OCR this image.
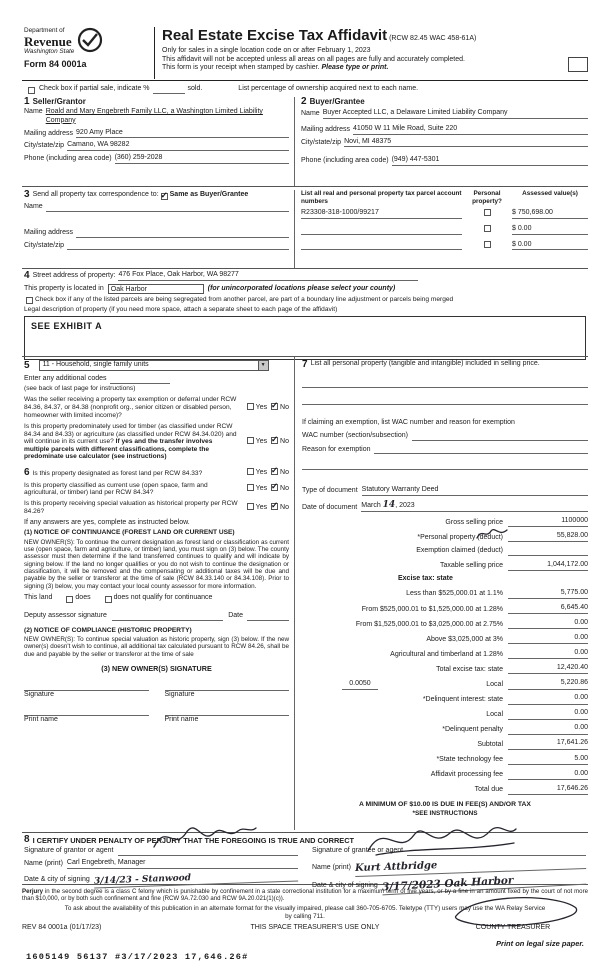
Department of
Revenue
Washington State
Form 84 0001a
Real Estate Excise Tax Affidavit (RCW 82.45 WAC 458-61A)
Only for sales in a single location code on or after February 1, 2023
This affidavit will not be accepted unless all areas on all pages are fully and accurately completed.
This form is your receipt when stamped by cashier. Please type or print.
Check box if partial sale, indicate %	sold.	List percentage of ownership acquired next to each name.
1 Seller/Grantor
Name Roald and Mary Engebreth Family LLC, a Washington Limited Liability Company
Mailing address 920 Amy Place
City/state/zip Camano, WA 98282
Phone (including area code) (360) 259-2028
2 Buyer/Grantee
Name Buyer Accepted LLC, a Delaware Limited Liability Company
Mailing address 41050 W 11 Mile Road, Suite 220
City/state/zip Novi, MI 48375
Phone (including area code) (949) 447-5301
3 Send all property tax correspondence to: ✓ Same as Buyer/Grantee
Name
Mailing address
City/state/zip
List all real and personal property tax parcel account numbers
Personal property?
Assessed value(s)
R23308-318-1000/99217	$ 750,698.00
$ 0.00
$ 0.00
4 Street address of property: 476 Fox Place, Oak Harbor, WA 98277
This property is located in	Oak Harbor	(for unincorporated locations please select your county)
Check box if any of the listed parcels are being segregated from another parcel, are part of a boundary line adjustment or parcels being merged
Legal description of property (if you need more space, attach a separate sheet to each page of the affidavit)
SEE EXHIBIT A
5	11 - Household, single family units	▼
Enter any additional codes
(see back of last page for instructions)
Was the seller receiving a property tax exemption or deferral under RCW 84.36, 84.37, or 84.38 (nonprofit org., senior citizen or disabled person, homeowner with limited income)?
Yes ✓ No
Is this property predominately used for timber (as classified under RCW 84.34 and 84.33) or agriculture (as classified under RCW 84.34.020) and will continue in its current use? If yes and the transfer involves multiple parcels with different classifications, complete the predominate use calculator (see instructions)
Yes ✓ No
6 Is this property designated as forest land per RCW 84.33?	Yes ✓ No
Is this property classified as current use (open space, farm and agricultural, or timber) land per RCW 84.34?
Yes ✓ No
Is this property receiving special valuation as historical property per RCW 84.26?
Yes ✓ No
If any answers are yes, complete as instructed below.
(1) NOTICE OF CONTINUANCE (FOREST LAND OR CURRENT USE)
NEW OWNER(S): To continue the current designation as forest land or classification as current use (open space, farm and agriculture, or timber) land, you must sign on (3) below. The county assessor must then determine if the land transferred continues to qualify and will indicate by signing below. If the land no longer qualifies or you do not wish to continue the designation or classification, it will be removed and the compensating or additional taxes will be due and payable by the seller or transferor at the time of sale (RCW 84.33.140 or 84.34.108). Prior to signing (3) below, you may contact your local county assessor for more information.
This land	does	does not qualify for continuance
Deputy assessor signature	Date
(2) NOTICE OF COMPLIANCE (HISTORIC PROPERTY)
NEW OWNER(S): To continue special valuation as historic property, sign (3) below. If the new owner(s) doesn't wish to continue, all additional tax calculated pursuant to RCW 84.26, shall be due and payable by the seller or transferor at the time of sale
(3) NEW OWNER(S) SIGNATURE
Signature	Signature
Print name	Print name
7 List all personal property (tangible and intangible) included in selling price.
If claiming an exemption, list WAC number and reason for exemption
WAC number (section/subsection)
Reason for exemption
Type of document Statutory Warranty Deed
Date of document March 14, 2023
Gross selling price	1100000
*Personal property (deduct)	55,828.00
Exemption claimed (deduct)
Taxable selling price	1,044,172.00
Excise tax: state
Less than $525,000.01 at 1.1%	5,775.00
From $525,000.01 to $1,525,000.00 at 1.28%	6,645.40
From $1,525,000.01 to $3,025,000.00 at 2.75%	0.00
Above $3,025,000 at 3%	0.00
Agricultural and timberland at 1.28%	0.00
Total excise tax: state	12,420.40
0.0050	Local	5,220.86
*Delinquent interest: state	0.00
Local	0.00
*Delinquent penalty	0.00
Subtotal	17,641.26
*State technology fee	5.00
Affidavit processing fee	0.00
Total due	17,646.26
A MINIMUM OF $10.00 IS DUE IN FEE(S) AND/OR TAX
*SEE INSTRUCTIONS
8 I CERTIFY UNDER PENALTY OF PERJURY THAT THE FOREGOING IS TRUE AND CORRECT
Signature of grantor or agent
Name (print) Carl Engebreth, Manager
Date & city of signing 3/14/23 - Stanwood
Signature of grantee or agent
Name (print) Kurt Attbridge
Date & city of signing 3/17/2023 Oak Harbor
Perjury in the second degree is a class C felony which is punishable by confinement in a state correctional institution for a maximum term of five years, or by a fine in an amount fixed by the court of not more than $10,000, or by both such confinement and fine (RCW 9A.72.030 and RCW 9A.20.021(1)(c)).
To ask about the availability of this publication in an alternate format for the visually impaired, please call 360-705-6705. Teletype (TTY) users may use the WA Relay Service by calling 711.
REV 84 0001a (01/17/23)	THIS SPACE TREASURER'S USE ONLY	COUNTY TREASURER
Print on legal size paper.
1605149 56137 #3/17/2023 17,646.26#
